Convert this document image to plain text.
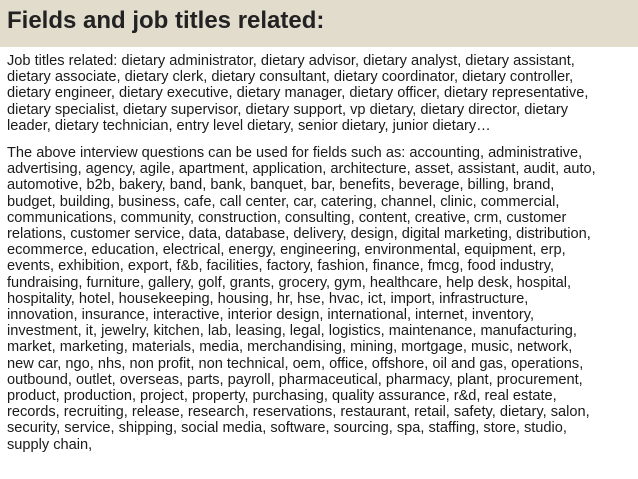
Fields and job titles related:

Job titles related: dietary administrator, dietary advisor, dietary analyst, dietary assistant,
dietary associate, dietary clerk, dietary consultant, dietary coordinator, dietary controller,
dietary engineer, dietary executive, dietary manager, dietary officer, dietary representative,
dietary specialist, dietary supervisor, dietary support, vp dietary, dietary director, dietary
leader, dietary technician, entry level dietary, senior dietary, junior dietary…

The above interview questions can be used for fields such as: accounting, administrative,
advertising, agency, agile, apartment, application, architecture, asset, assistant, audit, auto,
automotive, b2b, bakery, band, bank, banquet, bar, benefits, beverage, billing, brand,
budget, building, business, cafe, call center, car, catering, channel, clinic, commercial,
communications, community, construction, consulting, content, creative, crm, customer
relations, customer service, data, database, delivery, design, digital marketing, distribution,
ecommerce, education, electrical, energy, engineering, environmental, equipment, erp,
events, exhibition, export, f&b, facilities, factory, fashion, finance, fmcg, food industry,
fundraising, furniture, gallery, golf, grants, grocery, gym, healthcare, help desk, hospital,
hospitality, hotel, housekeeping, housing, hr, hse, hvac, ict, import, infrastructure,
innovation, insurance, interactive, interior design, international, internet, inventory,
investment, it, jewelry, kitchen, lab, leasing, legal, logistics, maintenance, manufacturing,
market, marketing, materials, media, merchandising, mining, mortgage, music, network,
new car, ngo, nhs, non profit, non technical, oem, office, offshore, oil and gas, operations,
outbound, outlet, overseas, parts, payroll, pharmaceutical, pharmacy, plant, procurement,
product, production, project, property, purchasing, quality assurance, r&d, real estate,
records, recruiting, release, research, reservations, restaurant, retail, safety, dietary, salon,
security, service, shipping, social media, software, sourcing, spa, staffing, store, studio,
supply chain,
